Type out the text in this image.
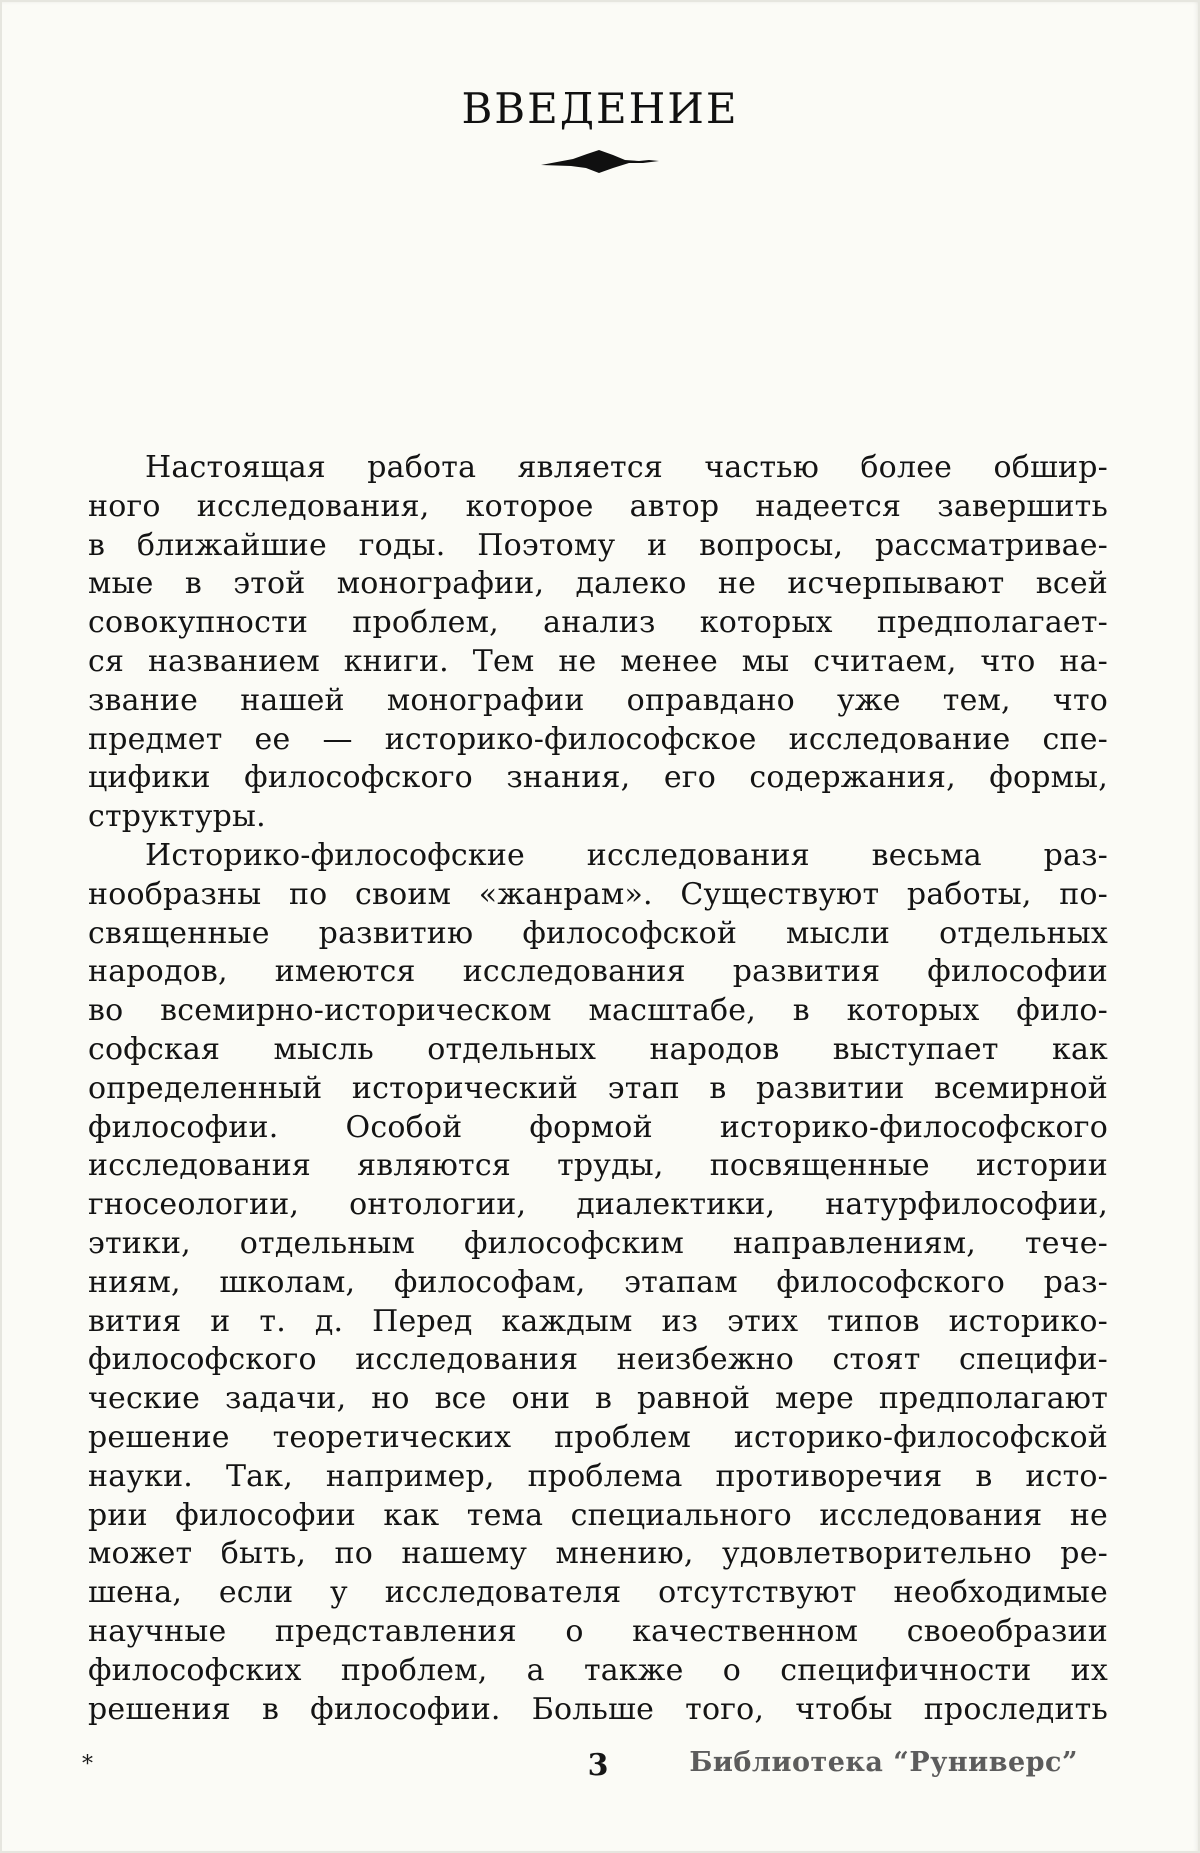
ВВЕДЕНИЕ
Настоящая работа является частью более обшир-
ного исследования, которое автор надеется завершить
в ближайшие годы. Поэтому и вопросы, рассматривае-
мые в этой монографии, далеко не исчерпывают всей
совокупности проблем, анализ которых предполагает-
ся названием книги. Тем не менее мы считаем, что на-
звание нашей монографии оправдано уже тем, что
предмет ее — историко-философское исследование спе-
цифики философского знания, его содержания, формы,
структуры.
Историко-философские исследования весьма раз-
нообразны по своим «жанрам». Существуют работы, по-
священные развитию философской мысли отдельных
народов, имеются исследования развития философии
во всемирно-историческом масштабе, в которых фило-
софская мысль отдельных народов выступает как
определенный исторический этап в развитии всемирной
философии. Особой формой историко-философского
исследования являются труды, посвященные истории
гносеологии, онтологии, диалектики, натурфилософии,
этики, отдельным философским направлениям, тече-
ниям, школам, философам, этапам философского раз-
вития и т. д. Перед каждым из этих типов историко-
философского исследования неизбежно стоят специфи-
ческие задачи, но все они в равной мере предполагают
решение теоретических проблем историко-философской
науки. Так, например, проблема противоречия в исто-
рии философии как тема специального исследования не
может быть, по нашему мнению, удовлетворительно ре-
шена, если у исследователя отсутствуют необходимые
научные представления о качественном своеобразии
философских проблем, а также о специфичности их
решения в философии. Больше того, чтобы проследить
*	3	Библиотека “Руниверс”
